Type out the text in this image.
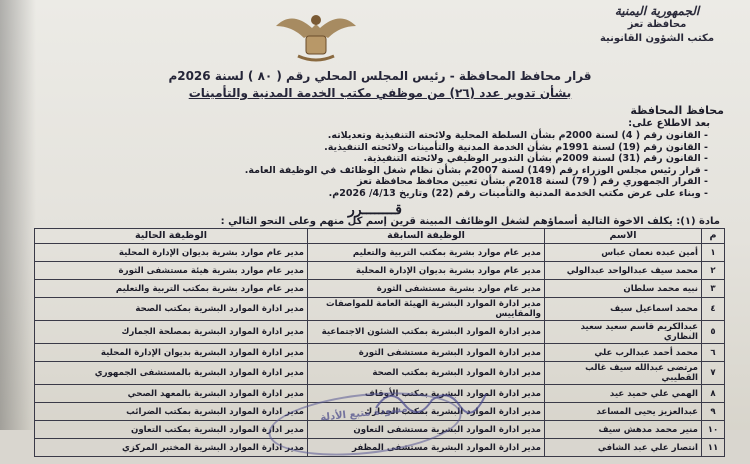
الجمهورية اليمنية
محافظة تعز
مكتب الشؤون القانونية
قرار محافظ المحافظة - رئيس المجلس المحلي رقم ( ٨٠ ) لسنة 2026م
بشأن تدوير عدد (٢٦) من موظفي مكتب الخدمة المدنية والتأمينات
محافظ المحافظة
بعد الاطلاع على:
- القانون رقم ( 4) لسنة 2000م بشأن السلطة المحلية ولائحته التنفيذية وتعديلاته.
- القانون رقم (19) لسنة 1991م بشأن الخدمة المدنية والتأمينات ولائحته التنفيذية.
- القانون رقم (31) لسنة 2009م بشأن التدوير الوظيفي ولائحته التنفيذية.
- قرار رئيس مجلس الوزراء رقم (149) لسنة 2007م بشأن نظام شغل الوظائف في الوظيفة العامة.
- القرار الجمهوري رقم ( 79) لسنة 2018م بشأن تعيين محافظ محافظة تعز
- وبناء على عرض مكتب الخدمة المدنية والتأمينات رقم (22) وتاريخ 4/13/ 2026م.
قــــــــرر
مادة (١): يكلف الاخوة التالية أسماؤهم لشغل الوظائف المبينة قرين إسم كل منهم وعلى النحو التالي :
م	الاسم	الوظيفة السابقة	الوظيفة الحالية
١	أمين عبده نعمان عباس	مدير عام موارد بشرية بمكتب التربية والتعليم	مدير عام موارد بشرية بديوان الإدارة المحلية
٢	محمد سيف عبدالواحد عبدالولي	مدير عام موارد بشرية بديوان الإدارة المحلية	مدير عام موارد بشرية هيئة مستشفى الثورة
٣	نبيه محمد سلطان	مدير عام موارد بشرية مستشفى الثورة	مدير عام موارد بشرية بمكتب التربية والتعليم
٤	محمد اسماعيل سيف	مدير ادارة الموارد البشرية الهيئة العامة للمواصفات والمقاييس	مدير ادارة الموارد البشرية بمكتب الصحة
٥	عبدالكريم قاسم سعيد سعيد النظاري	مدير ادارة الموارد البشرية بمكتب الشئون الاجتماعية	مدير ادارة الموارد البشرية بمصلحة الجمارك
٦	محمد أحمد عبدالرب علي	مدير ادارة الموارد البشرية مستشفى الثورة	مدير ادارة الموارد البشرية بديوان الإدارة المحلية
٧	مرتضى عبدالله سيف غالب القطيبي	مدير ادارة الموارد البشرية بمكتب الصحة	مدير ادارة الموارد البشرية بالمستشفى الجمهوري
٨	الهمي علي حميد عيد	مدير ادارة الموارد البشرية بمكتب الأوقاف	مدير ادارة الموارد البشرية بالمعهد الصحي
٩	عبدالعزيز يحيى المساعد	مدير ادارة الموارد البشرية بمكتب الجمارك	مدير ادارة الموارد البشرية بمكتب الضرائب
١٠	منير محمد مدهش سيف	مدير ادارة الموارد البشرية مستشفى التعاون	مدير ادارة الموارد البشرية بمكتب التعاون
١١	انتصار علي عبد الشافي	مدير ادارة الموارد البشرية مستشفى المظفر	مدير ادارة الموارد البشرية المختبر المركزي
مسودة متبع الأدلة
